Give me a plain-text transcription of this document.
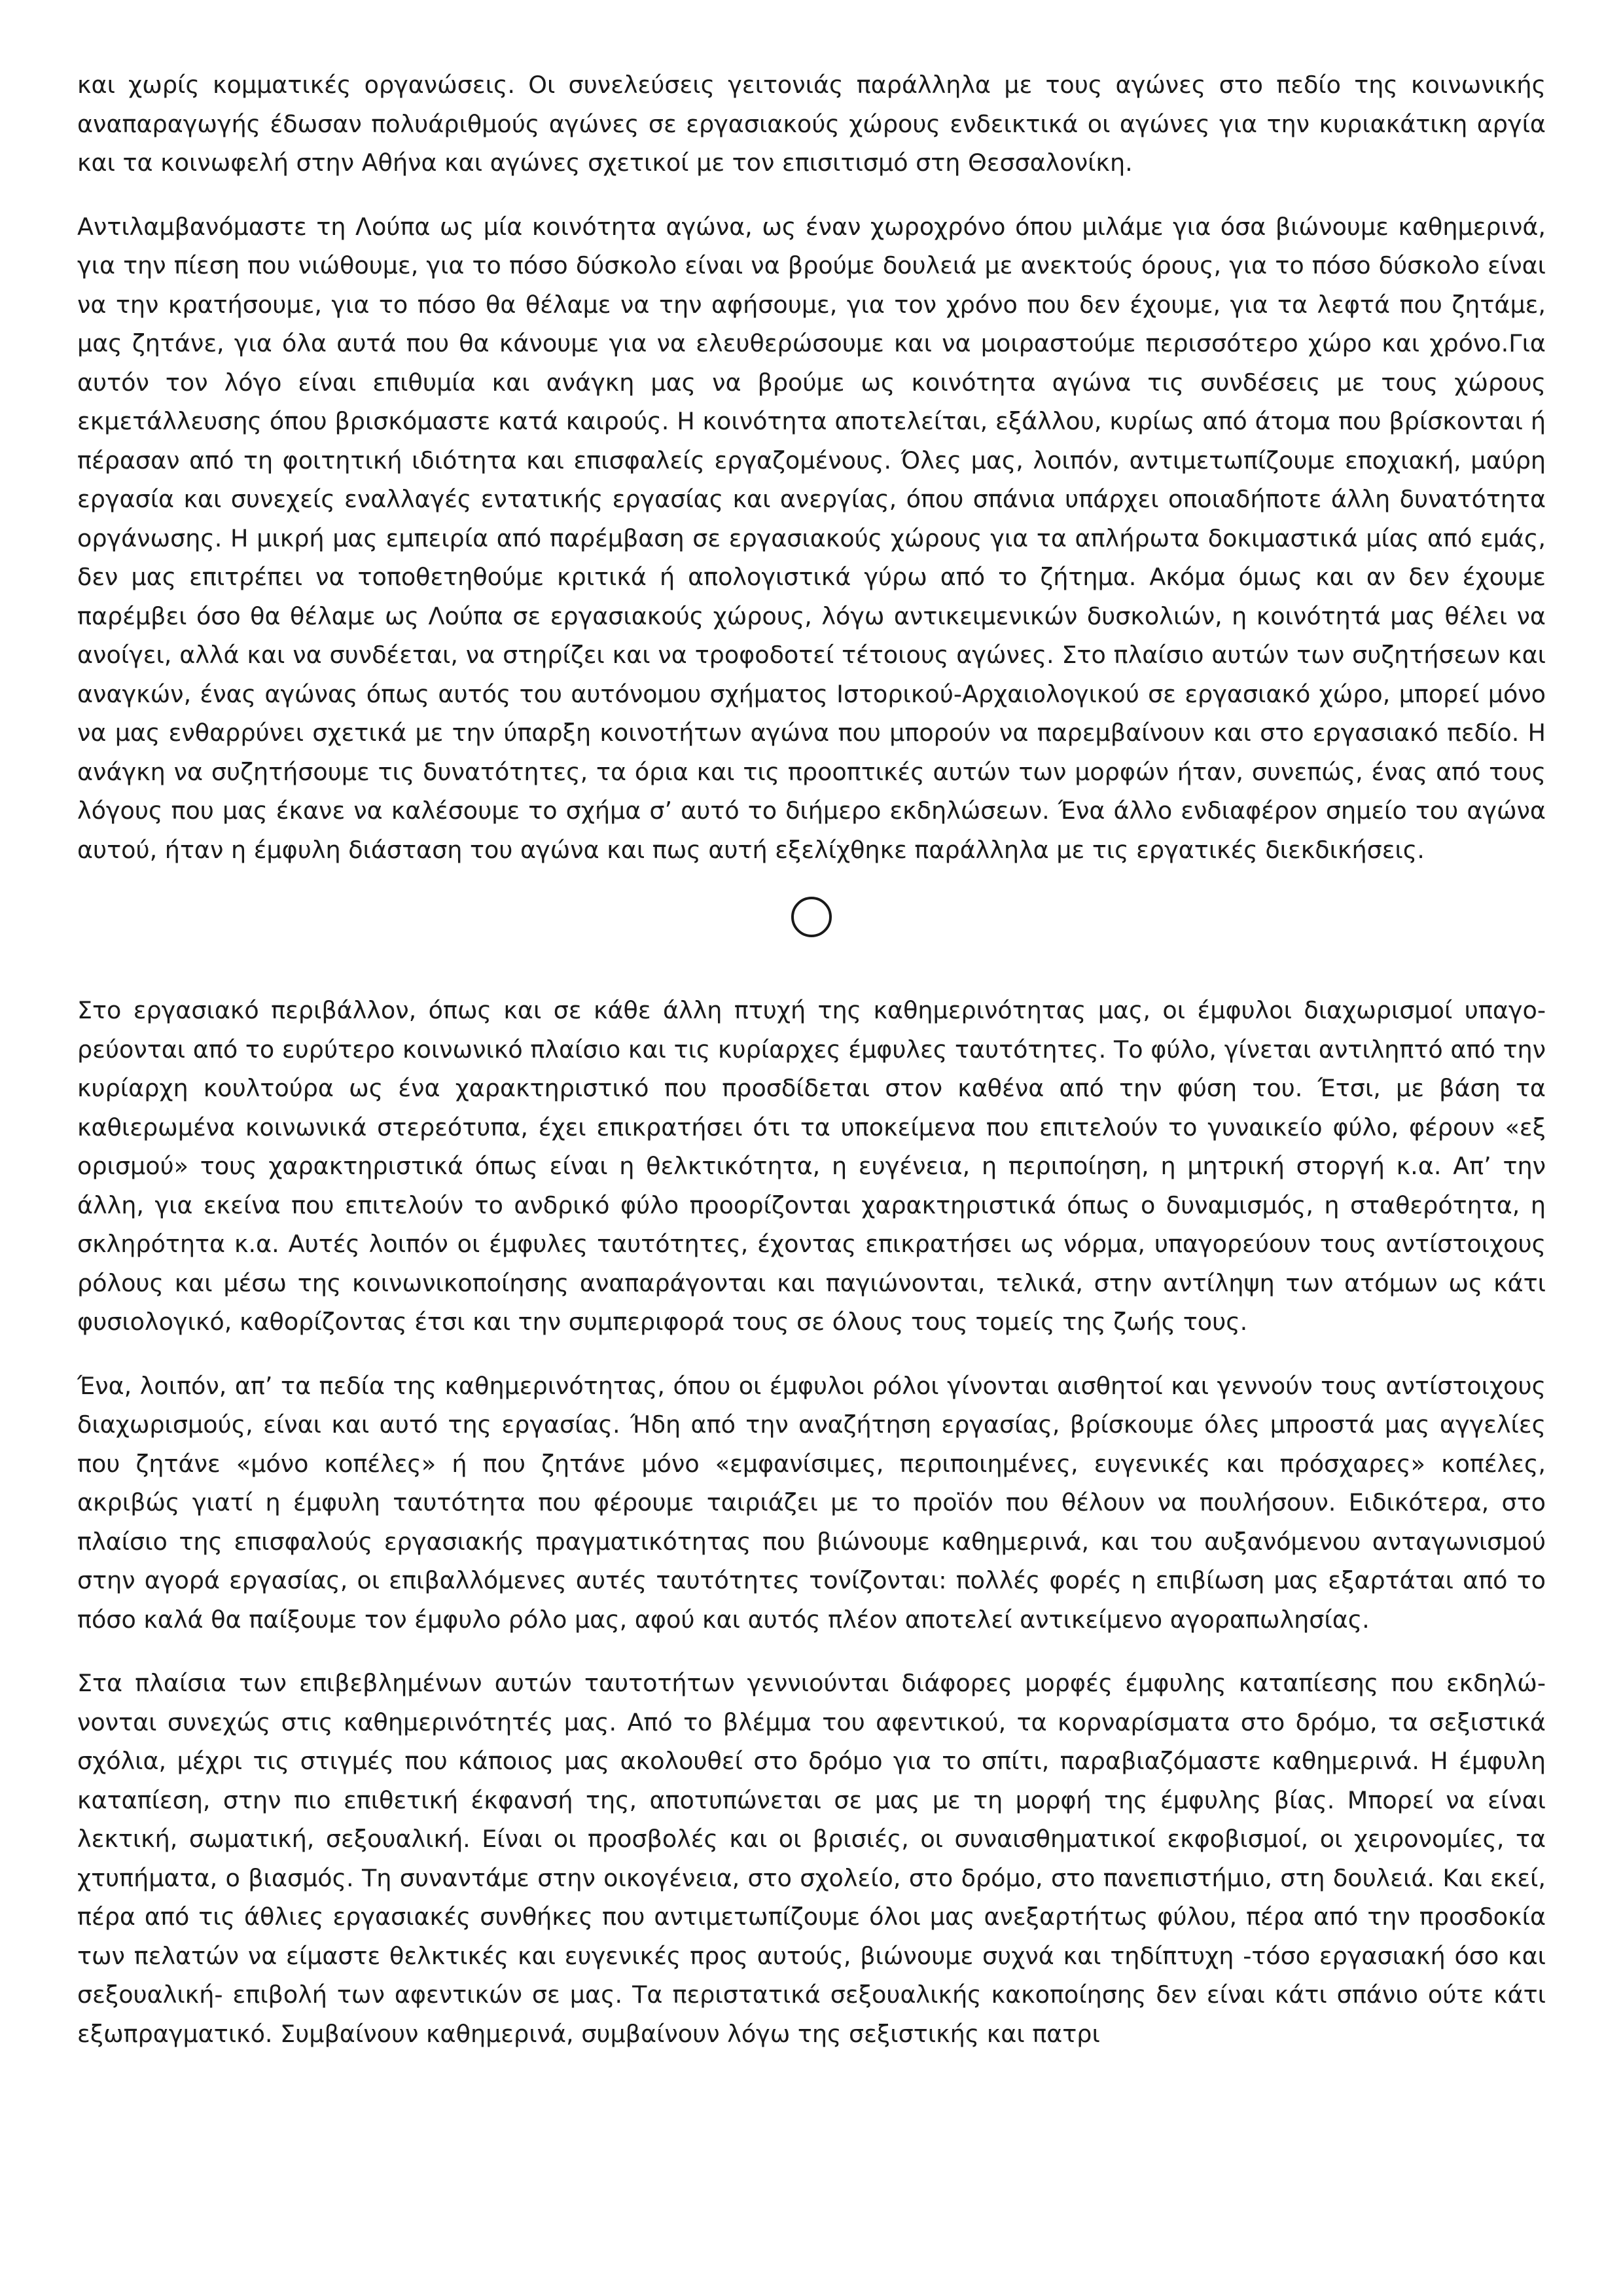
και χωρίς κομματικές οργανώσεις. Οι συνελεύσεις γειτονιάς παράλληλα με τους αγώνες στο πεδίο της κοινωνικής αναπαραγωγής έδωσαν πολυάριθμούς αγώνες σε εργασιακούς χώρους ενδεικτικά οι αγώνες για την κυριακάτικη αργία και τα κοινωφελή στην Αθήνα και αγώνες σχετικοί με τον επισιτισμό στη Θεσσαλονίκη.

Αντιλαμβανόμαστε τη Λούπα ως μία κοινότητα αγώνα, ως έναν χωροχρόνο όπου μιλάμε για όσα βιώνουμε καθημερινά, για την πίεση που νιώθουμε, για το πόσο δύσκολο είναι να βρούμε δουλειά με ανεκτούς όρους, για το πόσο δύσκολο είναι να την κρατήσουμε, για το πόσο θα θέλαμε να την αφήσουμε, για τον χρόνο που δεν έχουμε, για τα λεφτά που ζητάμε, μας ζητάνε, για όλα αυτά που θα κάνουμε για να ελευθερώσουμε και να μοιραστούμε περισσότερο χώρο και χρόνο.Για αυτόν τον λόγο είναι επιθυμία και ανάγκη μας να βρούμε ως κοινότητα αγώνα τις συνδέσεις με τους χώρους εκμετάλλευσης όπου βρισκόμαστε κατά καιρούς. Η κοινότητα αποτελείται, εξάλλου, κυρίως από άτομα που βρίσκονται ή πέρασαν από τη φοιτητική ιδιότητα και επισφαλείς εργαζομένους. Όλες μας, λοιπόν, αντιμετωπίζουμε εποχιακή, μαύρη εργασία και συνεχείς εναλλαγές εντατικής εργασίας και ανεργίας, όπου σπάνια υπάρχει οποιαδήποτε άλλη δυνατότητα οργάνωσης. Η μικρή μας εμπειρία από παρέμβαση σε εργασιακούς χώρους για τα απλήρωτα δοκιμαστικά μίας από εμάς, δεν μας επιτρέπει να τοποθετηθούμε κριτικά ή απολογιστικά γύρω από το ζήτημα. Ακόμα όμως και αν δεν έχουμε παρέμβει όσο θα θέλαμε ως Λούπα σε εργασιακούς χώρους, λόγω αντικειμενικών δυσκολιών, η κοινότητά μας θέλει να ανοίγει, αλλά και να συνδέεται, να στηρίζει και να τροφοδοτεί τέτοιους αγώνες. Στο πλαίσιο αυτών των συζητήσεων και αναγκών, ένας αγώνας όπως αυτός του αυτόνομου σχήματος Ιστορικού-Αρχαιολογικού σε εργασιακό χώρο, μπορεί μόνο να μας ενθαρρύνει σχετικά με την ύπαρξη κοινοτήτων αγώνα που μπορούν να παρεμβαίνουν και στο εργασιακό πεδίο. Η ανάγκη να συζητήσουμε τις δυνατότητες, τα όρια και τις προοπτικές αυτών των μορφών ήταν, συνεπώς, ένας από τους λόγους που μας έκανε να καλέσουμε το σχήμα σ’ αυτό το διήμερο εκδηλώσεων. Ένα άλλο ενδιαφέρον σημείο του αγώνα αυτού, ήταν η έμφυλη διάσταση του αγώνα και πως αυτή εξελίχθηκε παράλληλα με τις εργατικές διεκδικήσεις.

Στο εργασιακό περιβάλλον, όπως και σε κάθε άλλη πτυχή της καθημερινότητας μας, οι έμφυλοι διαχωρισμοί υπαγορεύονται από το ευρύτερο κοινωνικό πλαίσιο και τις κυρίαρχες έμφυλες ταυτότητες. Το φύλο, γίνεται αντιληπτό από την κυρίαρχη κουλτούρα ως ένα χαρακτηριστικό που προσδίδεται στον καθένα από την φύση του. Έτσι, με βάση τα καθιερωμένα κοινωνικά στερεότυπα, έχει επικρατήσει ότι τα υποκείμενα που επιτελούν το γυναικείο φύλο, φέρουν «εξ ορισμού» τους χαρακτηριστικά όπως είναι η θελκτικότητα, η ευγένεια, η περιποίηση, η μητρική στοργή κ.α. Απ’ την άλλη, για εκείνα που επιτελούν το ανδρικό φύλο προορίζονται χαρακτηριστικά όπως ο δυναμισμός, η σταθερότητα, η σκληρότητα κ.α. Αυτές λοιπόν οι έμφυλες ταυτότητες, έχοντας επικρατήσει ως νόρμα, υπαγορεύουν τους αντίστοιχους ρόλους και μέσω της κοινωνικοποίησης αναπαράγονται και παγιώνονται, τελικά, στην αντίληψη των ατόμων ως κάτι φυσιολογικό, καθορίζοντας έτσι και την συμπεριφορά τους σε όλους τους τομείς της ζωής τους.

Ένα, λοιπόν, απ’ τα πεδία της καθημερινότητας, όπου οι έμφυλοι ρόλοι γίνονται αισθητοί και γεννούν τους αντίστοιχους διαχωρισμούς, είναι και αυτό της εργασίας. Ήδη από την αναζήτηση εργασίας, βρίσκουμε όλες μπροστά μας αγγελίες που ζητάνε «μόνο κοπέλες» ή που ζητάνε μόνο «εμφανίσιμες, περιποιημένες, ευγενικές και πρόσχαρες» κοπέλες, ακριβώς γιατί η έμφυλη ταυτότητα που φέρουμε ταιριάζει με το προϊόν που θέλουν να πουλήσουν. Ειδικότερα, στο πλαίσιο της επισφαλούς εργασιακής πραγματικότητας που βιώνουμε καθημερινά, και του αυξανόμενου ανταγωνισμού στην αγορά εργασίας, οι επιβαλλόμενες αυτές ταυτότητες τονίζονται: πολλές φορές η επιβίωση μας εξαρτάται από το πόσο καλά θα παίξουμε τον έμφυλο ρόλο μας, αφού και αυτός πλέον αποτελεί αντικείμενο αγοραπωλησίας.

Στα πλαίσια των επιβεβλημένων αυτών ταυτοτήτων γεννιούνται διάφορες μορφές έμφυλης καταπίεσης που εκδηλώνονται συνεχώς στις καθημερινότητές μας. Από το βλέμμα του αφεντικού, τα κορναρίσματα στο δρόμο, τα σεξιστικά σχόλια, μέχρι τις στιγμές που κάποιος μας ακολουθεί στο δρόμο για το σπίτι, παραβιαζόμαστε καθημερινά. Η έμφυλη καταπίεση, στην πιο επιθετική έκφανσή της, αποτυπώνεται σε μας με τη μορφή της έμφυλης βίας. Μπορεί να είναι λεκτική, σωματική, σεξουαλική. Είναι οι προσβολές και οι βρισιές, οι συναισθηματικοί εκφοβισμοί, οι χειρονομίες, τα χτυπήματα, ο βιασμός. Τη συναντάμε στην οικογένεια, στο σχολείο, στο δρόμο, στο πανεπιστήμιο, στη δουλειά. Και εκεί, πέρα από τις άθλιες εργασιακές συνθήκες που αντιμετωπίζουμε όλοι μας ανεξαρτήτως φύλου, πέρα από την προσδοκία των πελατών να είμαστε θελκτικές και ευγενικές προς αυτούς, βιώνουμε συχνά και τηδίπτυχη -τόσο εργασιακή όσο και σεξουαλική- επιβολή των αφεντικών σε μας. Τα περιστατικά σεξουαλικής κακοποίησης δεν είναι κάτι σπάνιο ούτε κάτι εξωπραγματικό. Συμβαίνουν καθημερινά, συμβαίνουν λόγω της σεξιστικής και πατρι
